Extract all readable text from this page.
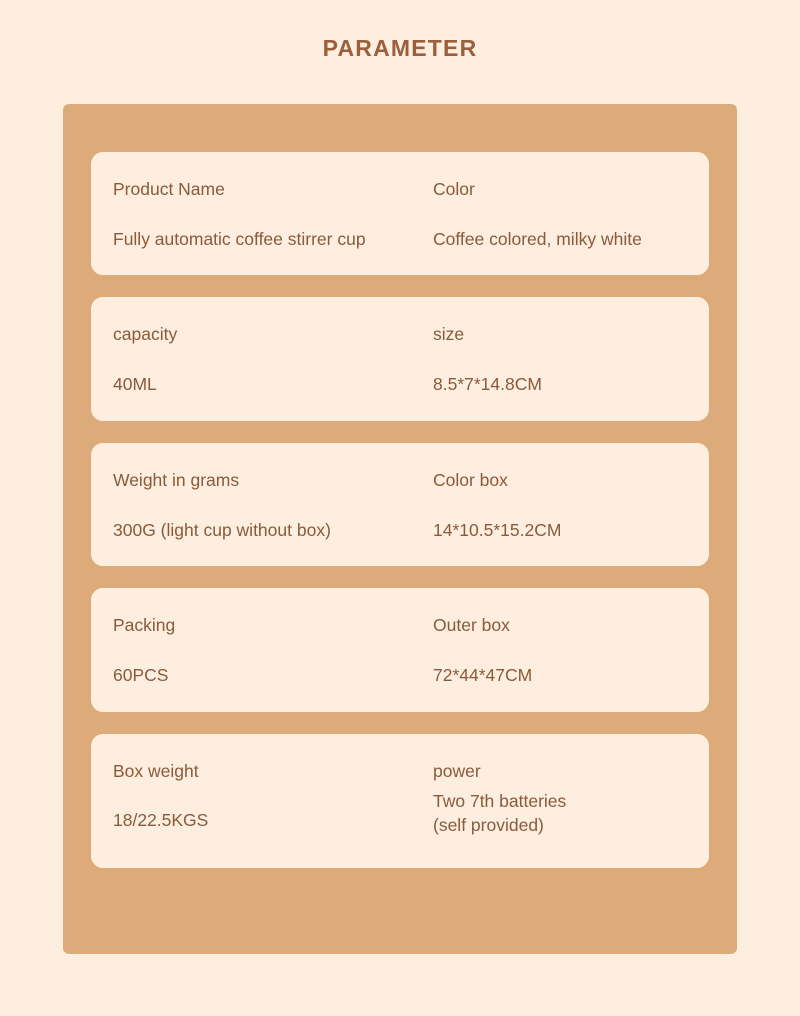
PARAMETER
Product Name
Fully automatic coffee stirrer cup
Color
Coffee colored, milky white
capacity
40ML
size
8.5*7*14.8CM
Weight in grams
300G (light cup without box)
Color box
14*10.5*15.2CM
Packing
60PCS
Outer box
72*44*47CM
Box weight
18/22.5KGS
power
Two 7th batteries
(self provided)
